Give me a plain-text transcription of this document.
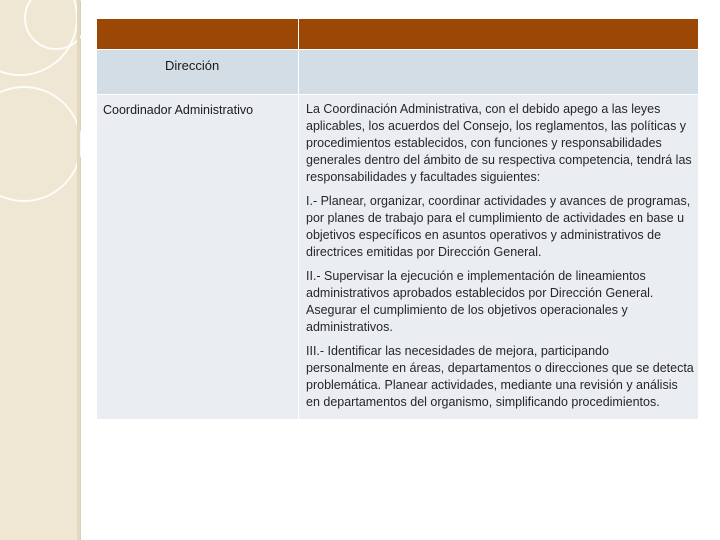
Dirección	

Coordinador Administrativo	La Coordinación Administrativa, con el debido apego a las leyes aplicables, los acuerdos del Consejo, los reglamentos, las políticas y procedimientos establecidos, con funciones y responsabilidades generales dentro del ámbito de su respectiva competencia, tendrá las responsabilidades y facultades siguientes:

I.- Planear, organizar, coordinar actividades y avances de programas, por planes de trabajo para el cumplimiento de actividades en base u objetivos específicos en asuntos operativos y administrativos de directrices emitidas por Dirección General.

II.- Supervisar la ejecución e implementación de lineamientos administrativos aprobados establecidos por Dirección General. Asegurar el cumplimiento de los objetivos operacionales y administrativos.

III.- Identificar las necesidades de mejora, participando personalmente en áreas, departamentos o direcciones que se detecta problemática. Planear actividades, mediante una revisión y análisis en departamentos del organismo, simplificando procedimientos.
